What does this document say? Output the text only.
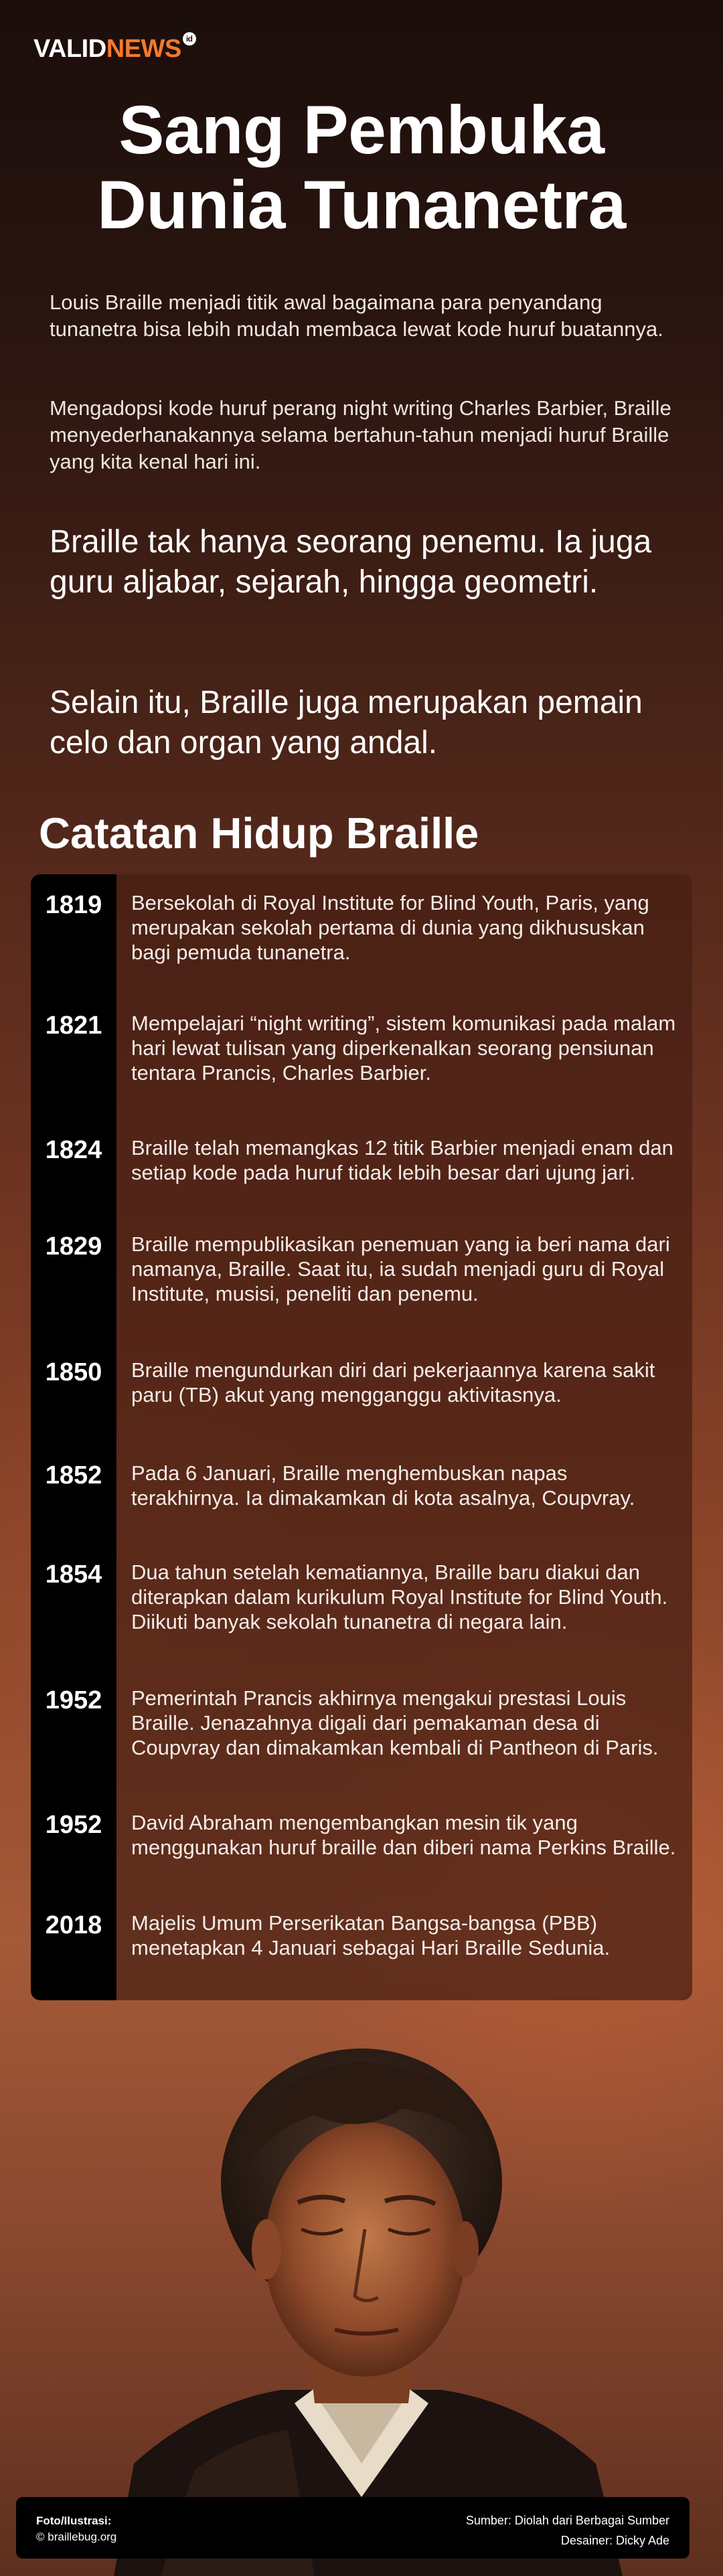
VALIDNEWS id
Sang Pembuka
Dunia Tunanetra
Louis Braille menjadi titik awal bagaimana para penyandang tunanetra bisa lebih mudah membaca lewat kode huruf buatannya.
Mengadopsi kode huruf perang night writing Charles Barbier, Braille menyederhanakannya selama bertahun-tahun menjadi huruf Braille yang kita kenal hari ini.
Braille tak hanya seorang penemu. Ia juga guru aljabar, sejarah, hingga geometri.
Selain itu, Braille juga merupakan pemain celo dan organ yang andal.
Catatan Hidup Braille
1819	Bersekolah di Royal Institute for Blind Youth, Paris, yang merupakan sekolah pertama di dunia yang dikhususkan bagi pemuda tunanetra.
1821	Mempelajari “night writing”, sistem komunikasi pada malam hari lewat tulisan yang diperkenalkan seorang pensiunan tentara Prancis, Charles Barbier.
1824	Braille telah memangkas 12 titik Barbier menjadi enam dan setiap kode pada huruf tidak lebih besar dari ujung jari.
1829	Braille mempublikasikan penemuan yang ia beri nama dari namanya, Braille. Saat itu, ia sudah menjadi guru di Royal Institute, musisi, peneliti dan penemu.
1850	Braille mengundurkan diri dari pekerjaannya karena sakit paru (TB) akut yang mengganggu aktivitasnya.
1852	Pada 6 Januari, Braille menghembuskan napas terakhirnya. Ia dimakamkan di kota asalnya, Coupvray.
1854	Dua tahun setelah kematiannya, Braille baru diakui dan diterapkan dalam kurikulum Royal Institute for Blind Youth. Diikuti banyak sekolah tunanetra di negara lain.
1952	Pemerintah Prancis akhirnya mengakui prestasi Louis Braille. Jenazahnya digali dari pemakaman desa di Coupvray dan dimakamkan kembali di Pantheon di Paris.
1952	David Abraham mengembangkan mesin tik yang menggunakan huruf braille dan diberi nama Perkins Braille.
2018	Majelis Umum Perserikatan Bangsa-bangsa (PBB) menetapkan 4 Januari sebagai Hari Braille Sedunia.
Foto/Ilustrasi:
© braillebug.org
Sumber: Diolah dari Berbagai Sumber
Desainer: Dicky Ade
